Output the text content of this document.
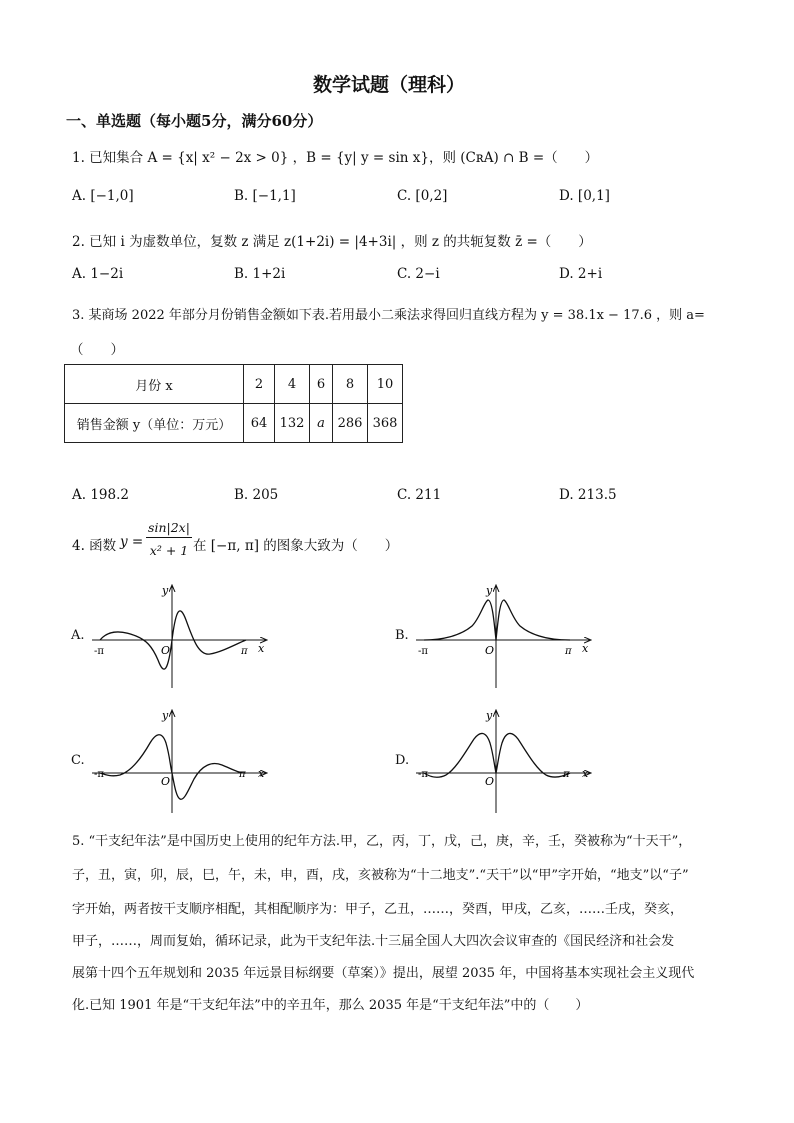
数学试题（理科）
一、单选题（每小题5分，满分60分）
1. 已知集合 A = {x| x² − 2x > 0} ，B = {y| y = sin x}，则 (CʀA) ∩ B =（　　）
A. [−1,0]	B. [−1,1]	C. [0,2]	D. [0,1]
2. 已知 i 为虚数单位，复数 z 满足 z(1+2i) = |4+3i| ，则 z 的共轭复数 z̄ =（　　）
A. 1−2i	B. 1+2i	C. 2−i	D. 2+i
3. 某商场 2022 年部分月份销售金额如下表.若用最小二乘法求得回归直线方程为 y = 38.1x − 17.6 ，则 a=
（　　）
月份 x	2	4	6	8	10
销售金额 y（单位：万元）	64	132	a	286	368
A. 198.2	B. 205	C. 211	D. 213.5
4. 函数 y =
sin|2x|
x² + 1 在 [−π, π] 的图象大致为（　　）
A.	B.
C.	D.
-π	π
O
y
x	-π	π
O
y
x
-π	π
O
y
x	-π	π
O
y
x
5. “干支纪年法”是中国历史上使用的纪年方法.甲，乙，丙，丁，戊，己，庚，辛，壬，癸被称为“十天干”，
子，丑，寅，卯，辰，巳，午，未，申，酉，戌，亥被称为“十二地支”.“天干”以“甲”字开始，“地支”以“子”
字开始，两者按干支顺序相配，其相配顺序为：甲子，乙丑，……，癸酉，甲戌，乙亥，……壬戌，癸亥，
甲子，……，周而复始，循环记录，此为干支纪年法.十三届全国人大四次会议审查的《国民经济和社会发
展第十四个五年规划和 2035 年远景目标纲要（草案）》提出，展望 2035 年，中国将基本实现社会主义现代
化.已知 1901 年是“干支纪年法”中的辛丑年，那么 2035 年是“干支纪年法”中的（　　）
